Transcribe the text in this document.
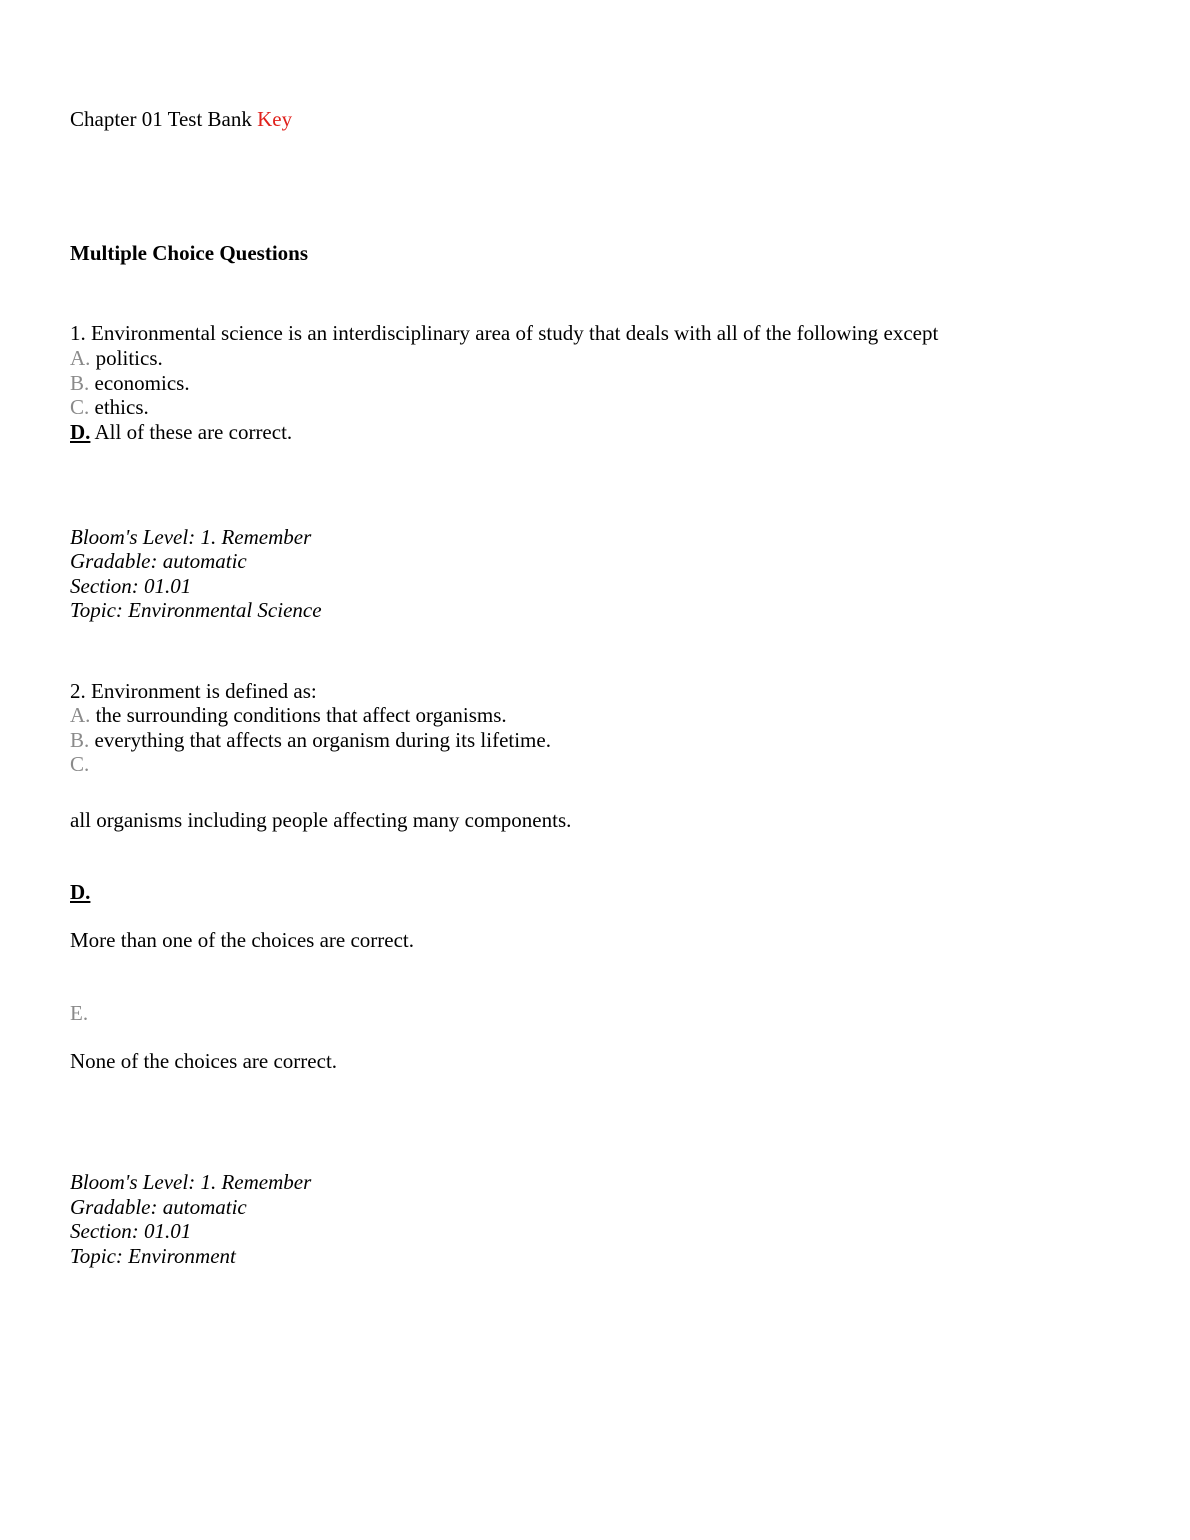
Chapter 01 Test Bank Key
Multiple Choice Questions
1. Environmental science is an interdisciplinary area of study that deals with all of the following except
A. politics.
B. economics.
C. ethics.
D. All of these are correct.
Bloom's Level: 1. Remember
Gradable: automatic
Section: 01.01
Topic: Environmental Science
2. Environment is defined as:
A. the surrounding conditions that affect organisms.
B. everything that affects an organism during its lifetime.
C.
all organisms including people affecting many components.
D.
More than one of the choices are correct.
E.
None of the choices are correct.
Bloom's Level: 1. Remember
Gradable: automatic
Section: 01.01
Topic: Environment
